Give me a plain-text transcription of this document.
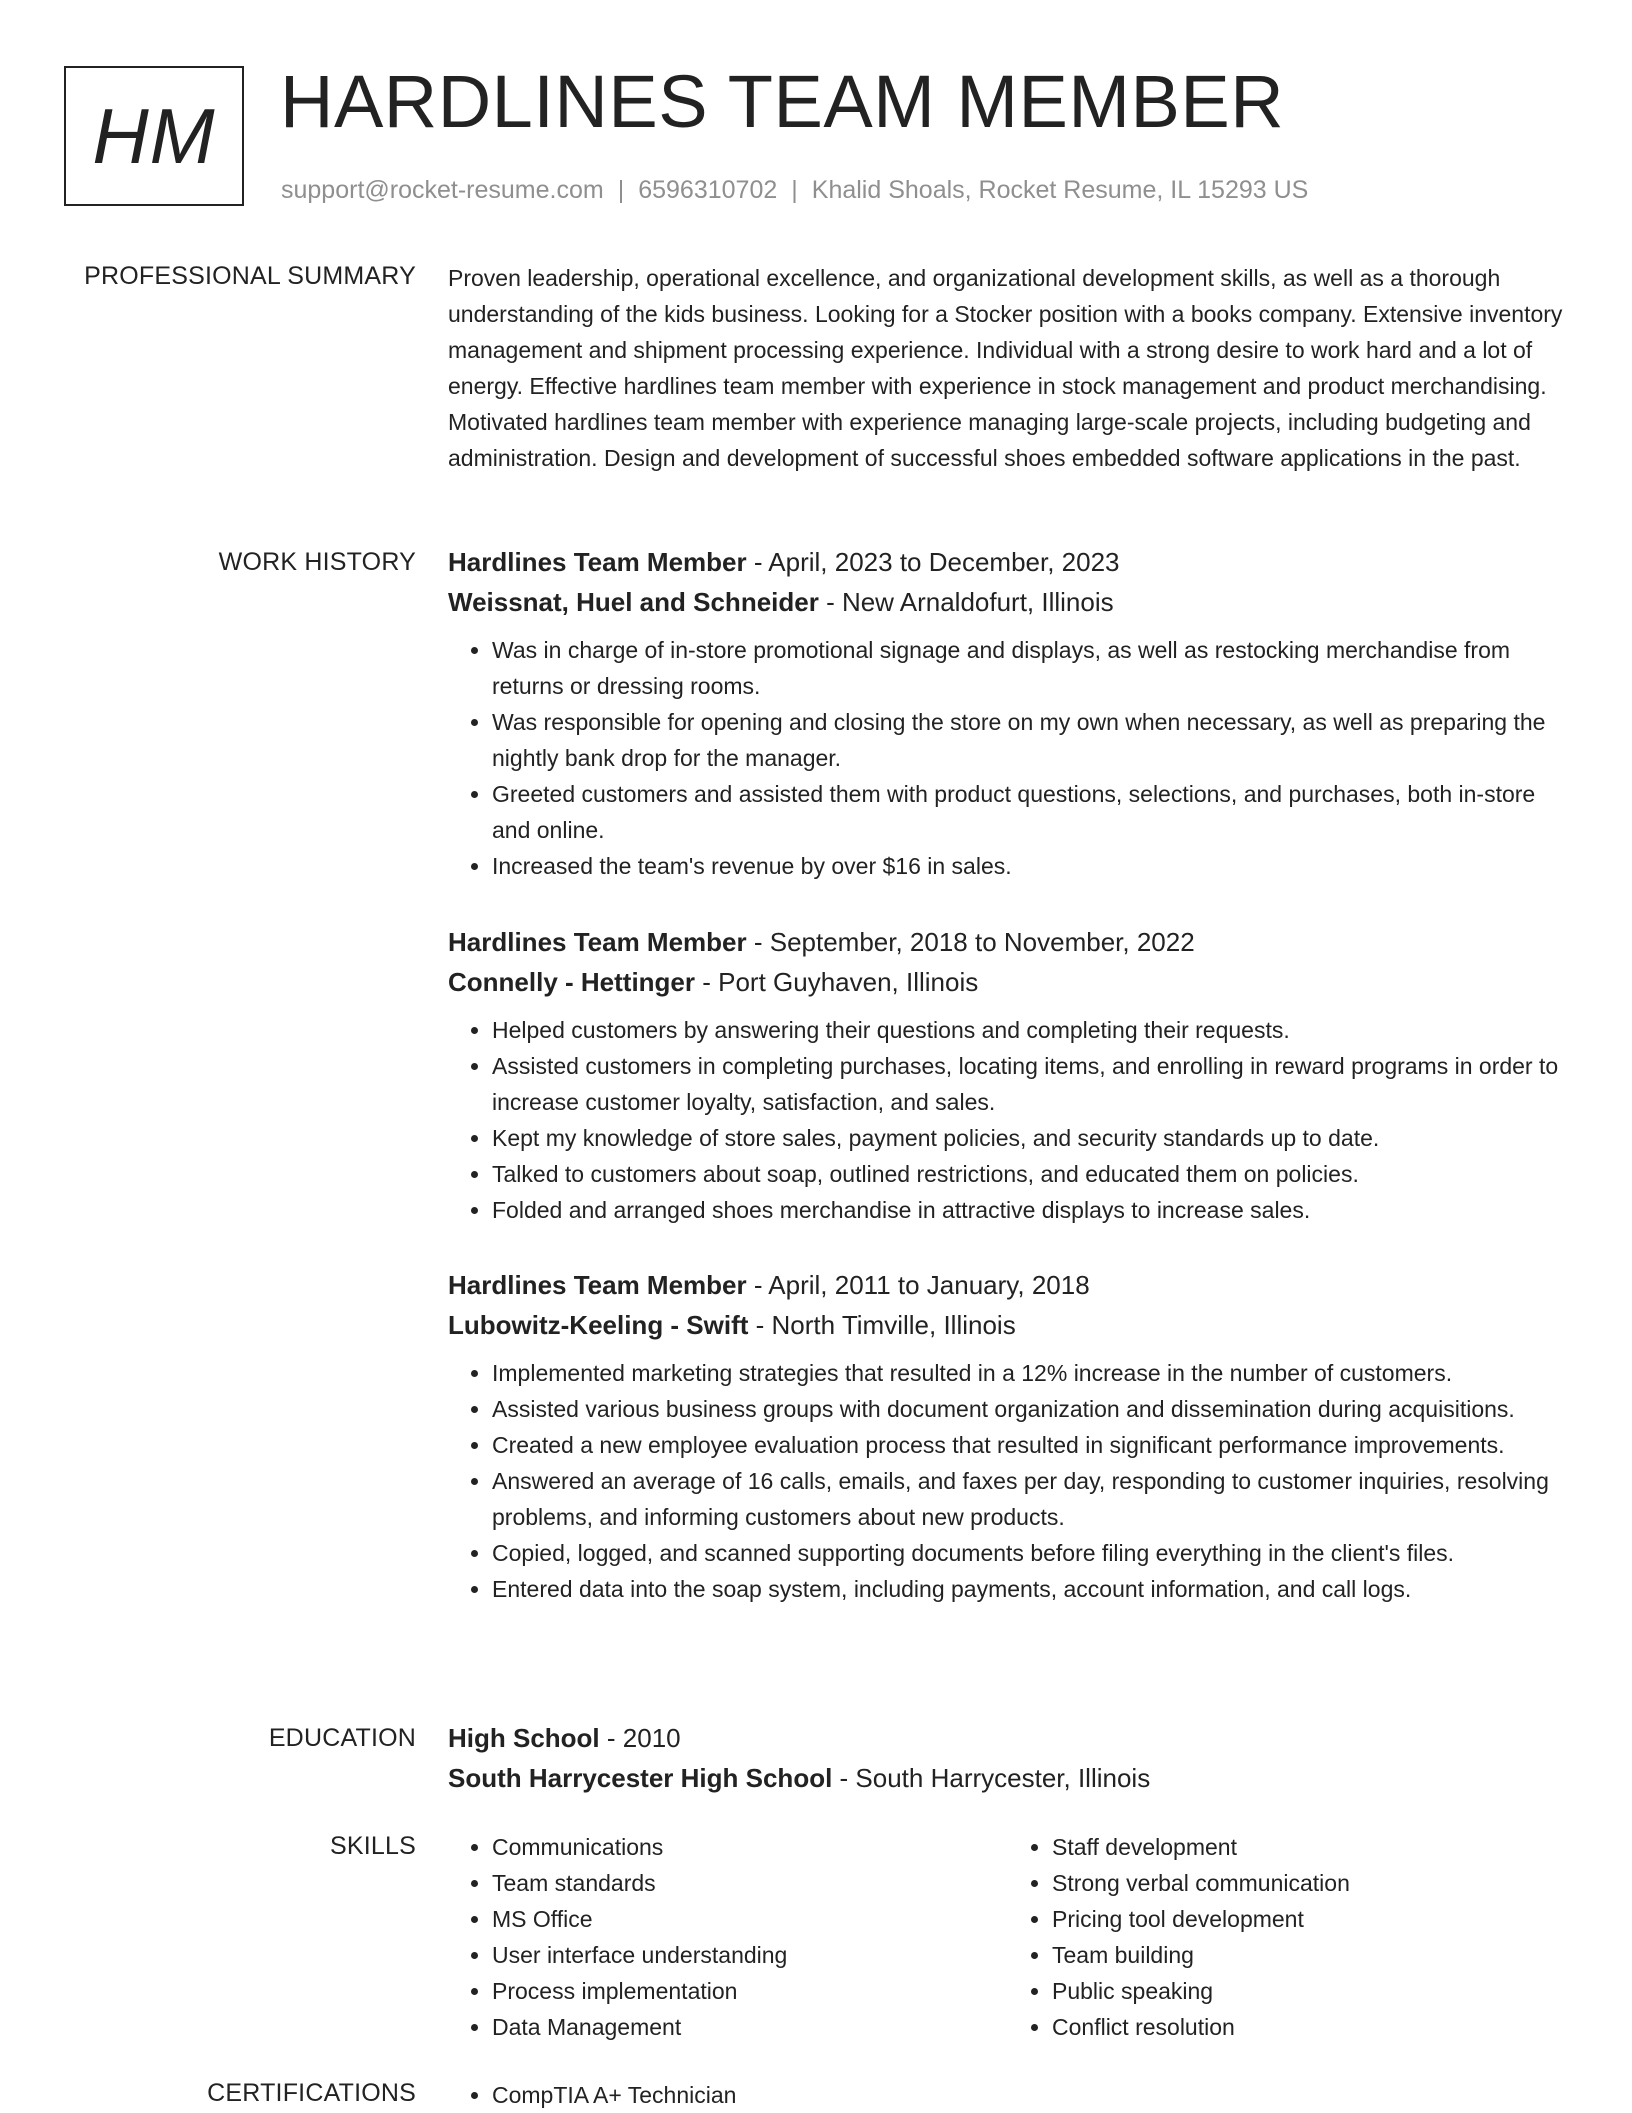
HM HARDLINES TEAM MEMBER
support@rocket-resume.com | 6596310702 | Khalid Shoals, Rocket Resume, IL 15293 US
PROFESSIONAL SUMMARY Proven leadership, operational excellence, and organizational development skills, as well as a thorough understanding of the kids business. Looking for a Stocker position with a books company. Extensive inventory management and shipment processing experience. Individual with a strong desire to work hard and a lot of energy. Effective hardlines team member with experience in stock management and product merchandising. Motivated hardlines team member with experience managing large-scale projects, including budgeting and administration. Design and development of successful shoes embedded software applications in the past.

WORK HISTORY Hardlines Team Member - April, 2023 to December, 2023
Weissnat, Huel and Schneider - New Arnaldofurt, Illinois
• Was in charge of in-store promotional signage and displays, as well as restocking merchandise from returns or dressing rooms.
• Was responsible for opening and closing the store on my own when necessary, as well as preparing the nightly bank drop for the manager.
• Greeted customers and assisted them with product questions, selections, and purchases, both in-store and online.
• Increased the team's revenue by over $16 in sales.
Hardlines Team Member - September, 2018 to November, 2022
Connelly - Hettinger - Port Guyhaven, Illinois
• Helped customers by answering their questions and completing their requests.
• Assisted customers in completing purchases, locating items, and enrolling in reward programs in order to increase customer loyalty, satisfaction, and sales.
• Kept my knowledge of store sales, payment policies, and security standards up to date.
• Talked to customers about soap, outlined restrictions, and educated them on policies.
• Folded and arranged shoes merchandise in attractive displays to increase sales.
Hardlines Team Member - April, 2011 to January, 2018
Lubowitz-Keeling - Swift - North Timville, Illinois
• Implemented marketing strategies that resulted in a 12% increase in the number of customers.
• Assisted various business groups with document organization and dissemination during acquisitions.
• Created a new employee evaluation process that resulted in significant performance improvements.
• Answered an average of 16 calls, emails, and faxes per day, responding to customer inquiries, resolving problems, and informing customers about new products.
• Copied, logged, and scanned supporting documents before filing everything in the client's files.
• Entered data into the soap system, including payments, account information, and call logs.
EDUCATION High School - 2010
South Harrycester High School - South Harrycester, Illinois
SKILLS	• Communications
• Team standards
• MS Office
• User interface understanding
• Process implementation
• Data Management
• Staff development
• Strong verbal communication
• Pricing tool development
• Team building
• Public speaking
• Conflict resolution
CERTIFICATIONS	• CompTIA A+ Technician
